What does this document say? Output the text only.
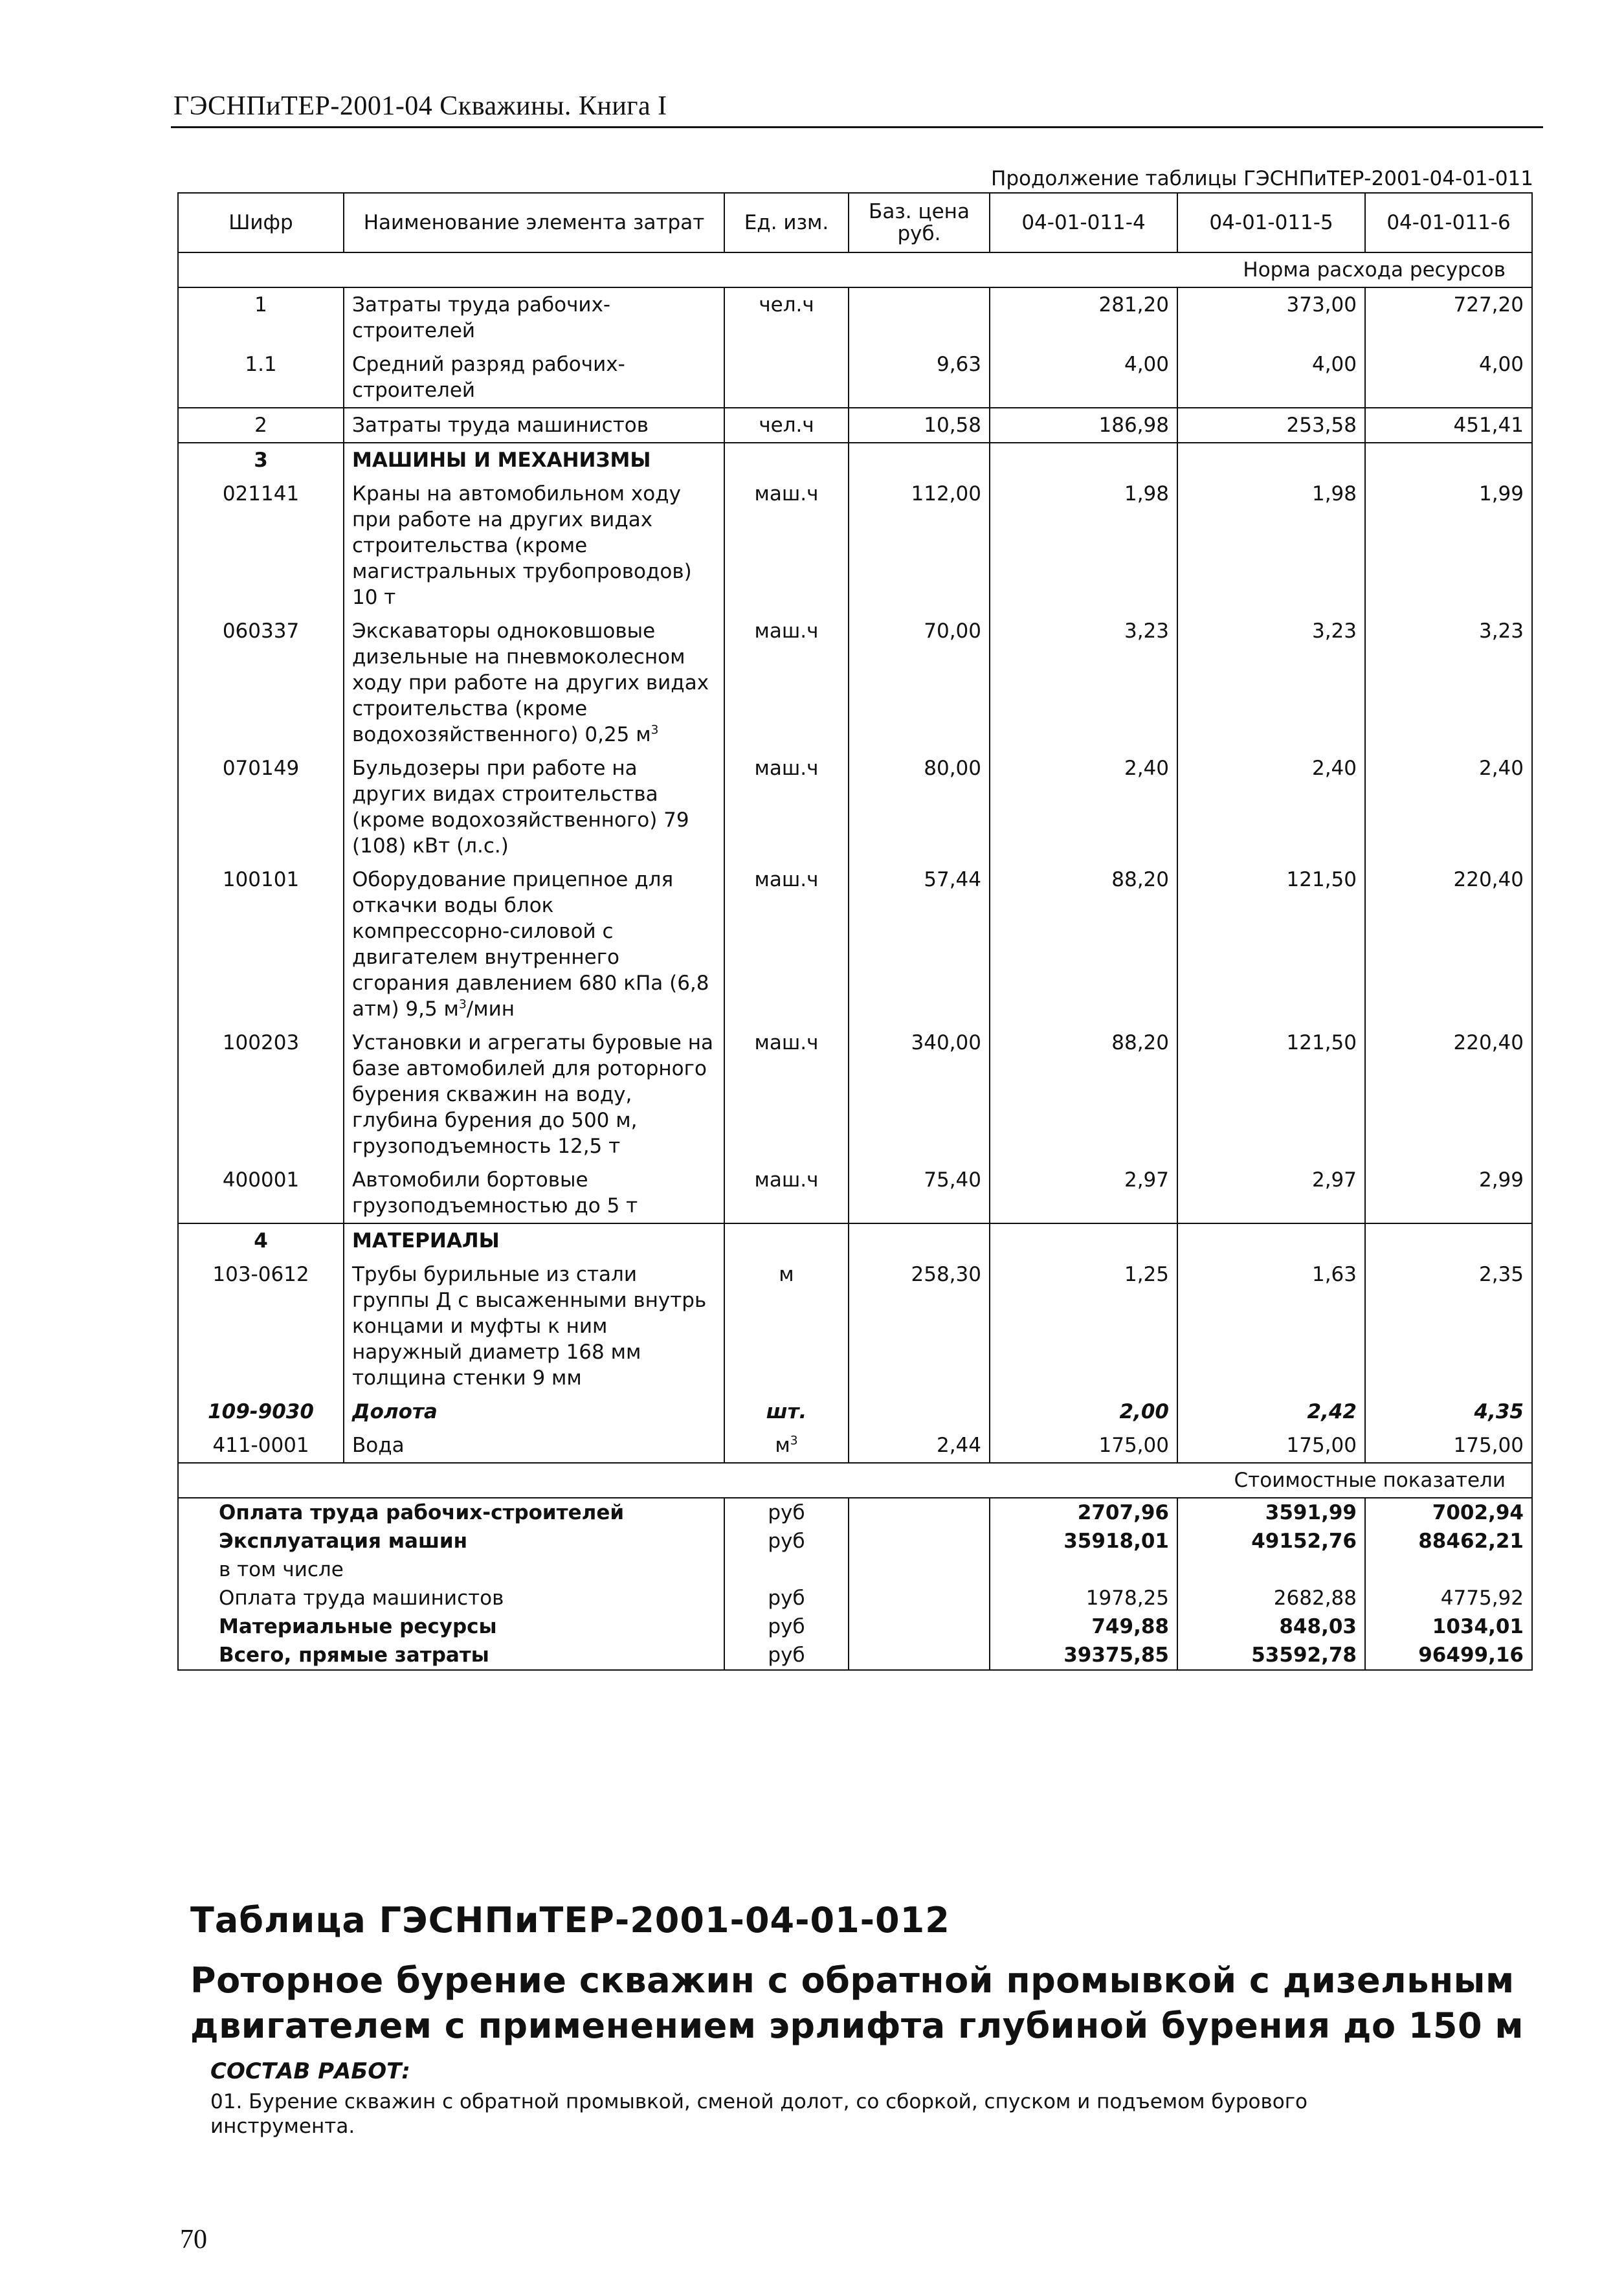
ГЭСНПиТЕР-2001-04 Скважины. Книга I
Продолжение таблицы ГЭСНПиТЕР-2001-04-01-011
Шифр	Наименование элемента затрат	Ед. изм.	Баз. цена руб.	04-01-011-4	04-01-011-5	04-01-011-6
Норма расхода ресурсов						
1	Затраты труда рабочих-строителей	чел.ч		281,20	373,00	727,20
1.1	Средний разряд рабочих-строителей		9,63	4,00	4,00	4,00
2	Затраты труда машинистов	чел.ч	10,58	186,98	253,58	451,41
3	МАШИНЫ И МЕХАНИЗМЫ					
021141	Краны на автомобильном ходу при работе на других видах строительства (кроме магистральных трубопроводов) 10 т	маш.ч	112,00	1,98	1,98	1,99
060337	Экскаваторы одноковшовые дизельные на пневмоколесном ходу при работе на других видах строительства (кроме водохозяйственного) 0,25 $м^3$	маш.ч	70,00	3,23	3,23	3,23
070149	Бульдозеры при работе на других видах строительства (кроме водохозяйственного) 79 (108) кВт (л.с.)	маш.ч	80,00	2,40	2,40	2,40
100101	Оборудование прицепное для откачки воды блок компрессорно-силовой с двигателем внутреннего сгорания давлением 680 кПа (6,8 атм) 9,5 $м^3$/мин	маш.ч	57,44	88,20	121,50	220,40
100203	Установки и агрегаты буровые на базе автомобилей для роторного бурения скважин на воду, глубина бурения до 500 м, грузоподъемность 12,5 т	маш.ч	340,00	88,20	121,50	220,40
400001	Автомобили бортовые грузоподъемностью до 5 т	маш.ч	75,40	2,97	2,97	2,99
4	МАТЕРИАЛЫ					
103-0612	Трубы бурильные из стали группы Д с высаженными внутрь концами и муфты к ним наружный диаметр 168 мм толщина стенки 9 мм	м	258,30	1,25	1,63	2,35
109-9030	Долота	шт.		2,00	2,42	4,35
411-0001	Вода	$м^3$	2,44	175,00	175,00	175,00
Стоимостные показатели						
Оплата труда рабочих-строителей		руб		2707,96	3591,99	7002,94
Эксплуатация машин		руб		35918,01	49152,76	88462,21
в том числе						
Оплата труда машинистов		руб		1978,25	2682,88	4775,92
Материальные ресурсы		руб		749,88	848,03	1034,01
Всего, прямые затраты		руб		39375,85	53592,78	96499,16
Таблица ГЭСНПиТЕР-2001-04-01-012
Роторное бурение скважин с обратной промывкой с дизельным двигателем с применением эрлифта глубиной бурения до 150 м
СОСТАВ РАБОТ:
01. Бурение скважин с обратной промывкой, сменой долот, со сборкой, спуском и подъемом бурового инструмента.
70
